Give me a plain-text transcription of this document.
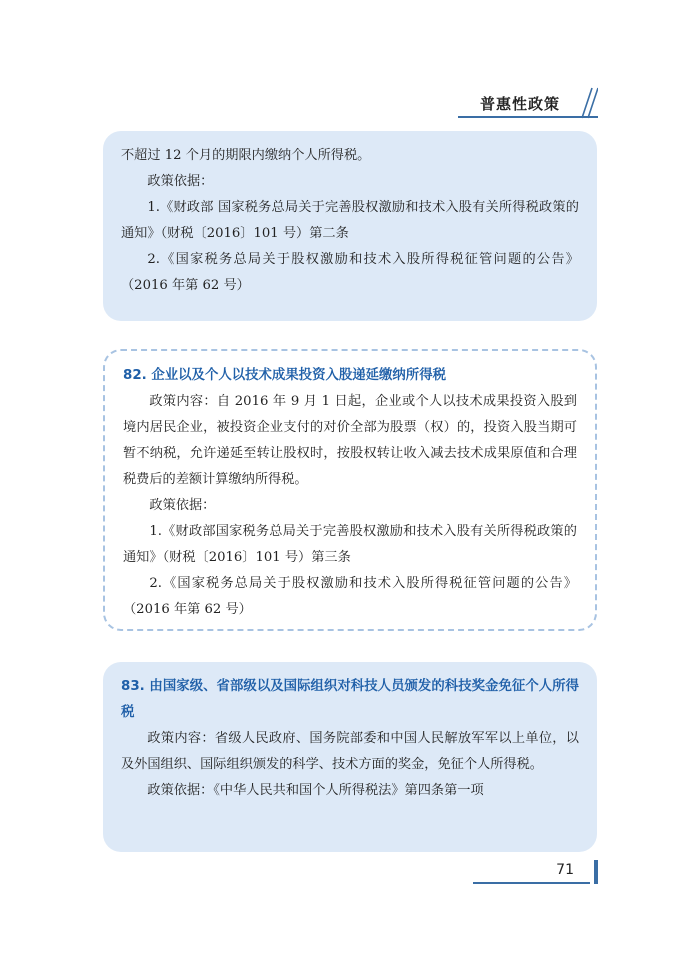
普惠性政策

不超过 12 个月的期限内缴纳个人所得税。

政策依据：

1.《财政部 国家税务总局关于完善股权激励和技术入股有关所得税政策的通知》（财税〔2016〕101 号）第二条

2.《国家税务总局关于股权激励和技术入股所得税征管问题的公告》（2016 年第 62 号）

82. 企业以及个人以技术成果投资入股递延缴纳所得税

政策内容：自 2016 年 9 月 1 日起，企业或个人以技术成果投资入股到境内居民企业，被投资企业支付的对价全部为股票（权）的，投资入股当期可暂不纳税，允许递延至转让股权时，按股权转让收入减去技术成果原值和合理税费后的差额计算缴纳所得税。

政策依据：

1.《财政部国家税务总局关于完善股权激励和技术入股有关所得税政策的通知》（财税〔2016〕101 号）第三条

2.《国家税务总局关于股权激励和技术入股所得税征管问题的公告》（2016 年第 62 号）

83. 由国家级、省部级以及国际组织对科技人员颁发的科技奖金免征个人所得税

政策内容：省级人民政府、国务院部委和中国人民解放军军以上单位，以及外国组织、国际组织颁发的科学、技术方面的奖金，免征个人所得税。

政策依据：《中华人民共和国个人所得税法》第四条第一项

71
